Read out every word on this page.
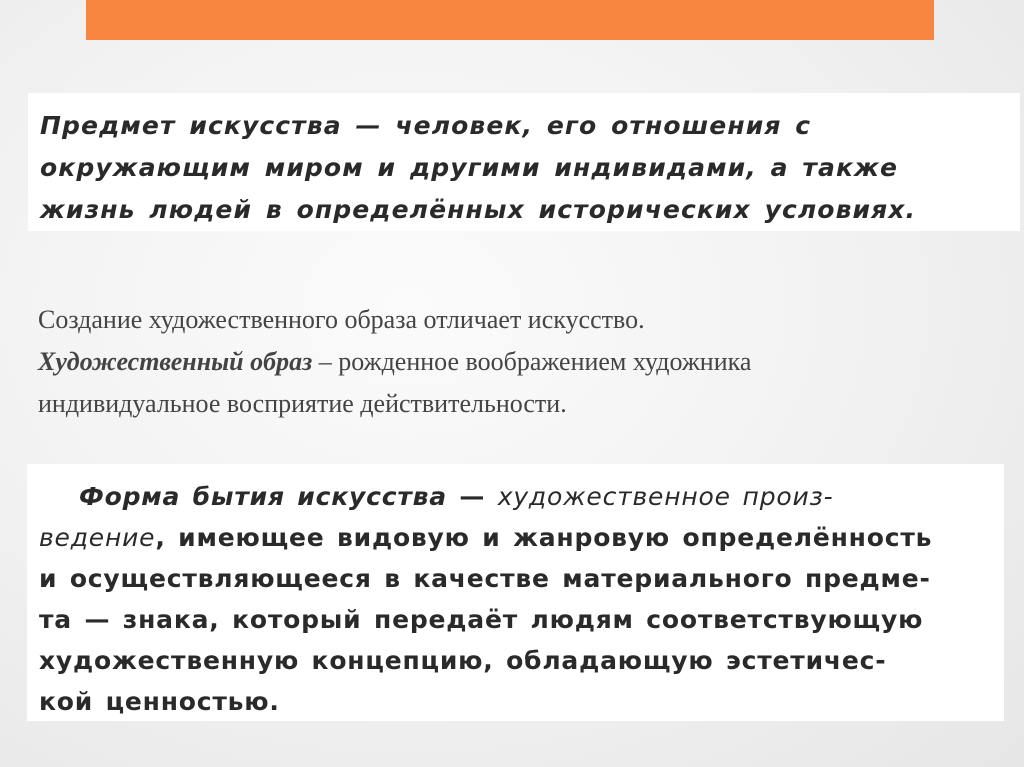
Предмет искусства — человек, его отношения с
окружающим миром и другими индивидами, а также
жизнь людей в определённых исторических условиях.
Создание художественного образа отличает искусство.
Художественный образ – рожденное воображением художника
индивидуальное восприятие действительности.
Форма бытия искусства — художественное произ-
ведение, имеющее видовую и жанровую определённость
и осуществляющееся в качестве материального предме-
та — знака, который передаёт людям соответствующую
художественную концепцию, обладающую эстетичес-
кой ценностью.
